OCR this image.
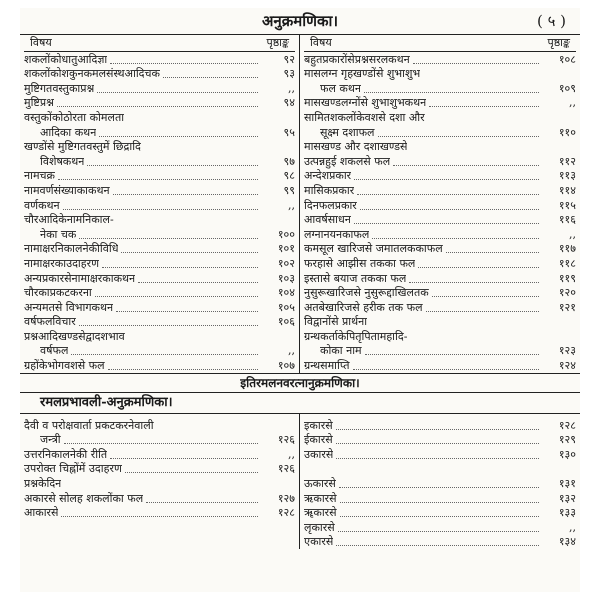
अनुक्रमणिका।	( ५ )
विषय	पृष्ठाङ्क
शकलोंकोधातुआदिज्ञा	९२
शकलोंकोशकुनकमलसंस्थआदिचक	९३
मुष्टिगतवस्तुकाप्रश्न	,,
मुष्टिप्रश्न	९४
वस्तुकोंकोठोरता कोमलता
आदिका कथन	९५
खण्डोंसे मुष्टिगतवस्तुमें छिद्रादि
विशेषकथन	९७
नामचक्र	९८
नामवर्णसंख्याकाकथन	९९
वर्णकथन	,,
चौरआदिकेनामनिकाल-
नेका चक	१००
नामाक्षरनिकालनेकीविधि	१०१
नामाक्षरकाउदाहरण	१०२
अन्यप्रकारसेनामाक्षरकाकथन	१०३
चौरकाप्रकटकरना	१०४
अन्यमतसे विभागकथन	१०५
वर्षफलविचार	१०६
प्रश्नआदिखण्डसेद्वादशभाव
वर्षफल	,,
ग्रहोंकेभोगवशसे फल	१०७
विषय	पृष्ठाङ्क
बहुतप्रकारोंसेप्रश्नसरलकथन	१०८
मासलग्न गृहखण्डोंसे शुभाशुभ
फल कथन	१०९
मासखण्डलग्नोंसे शुभाशुभकथन	,,
सामितशकलोंकेवशसे दशा और
सूक्ष्म दशाफल	११०
मासखण्ड और दशाखण्डसे
उत्पन्नहुई शकलसे फल	११२
अन्देशप्रकार	११३
मासिकप्रकार	११४
दिनफलप्रकार	११५
आवर्षसाधन	११६
लग्नानयनकाफल	,,
कमसूल खारिजसे जमातलककाफल	११७
फरहासे आझीस तकका फल	११८
इस्तासे बयाज तकका फल	११९
नुसुरूखारिजसे नुसुरूद्दाखिलतक	१२०
अतबेखारिजसे हरीक तक फल	१२१
विद्वानोंसे प्रार्थना
ग्रन्थकर्ताकेपितृपितामहादि-
कोका नाम	१२३
ग्रन्थसमाप्ति	१२४
इतिरमलनवरत्नानुक्रमणिका।
रमलप्रभावली-अनुक्रमणिका।
दैवी व परोक्षवार्ता प्रकटकरनेवाली
जन्त्री	१२६
उत्तरनिकालनेकी रीति	,,
उपरोक्त चिह्नोंमें उदाहरण	१२६
प्रश्नकेदिन
अकारसे सोलह शकलोंका फल	१२७
आकारसे	१२८
इकारसे	१२८
ईकारसे	१२९
उकारसे	१३०
ऊकारसे	१३१
ऋकारसे	१३२
ॠकारसे	१३३
लृकारसे	,,
एकारसे	१३४
